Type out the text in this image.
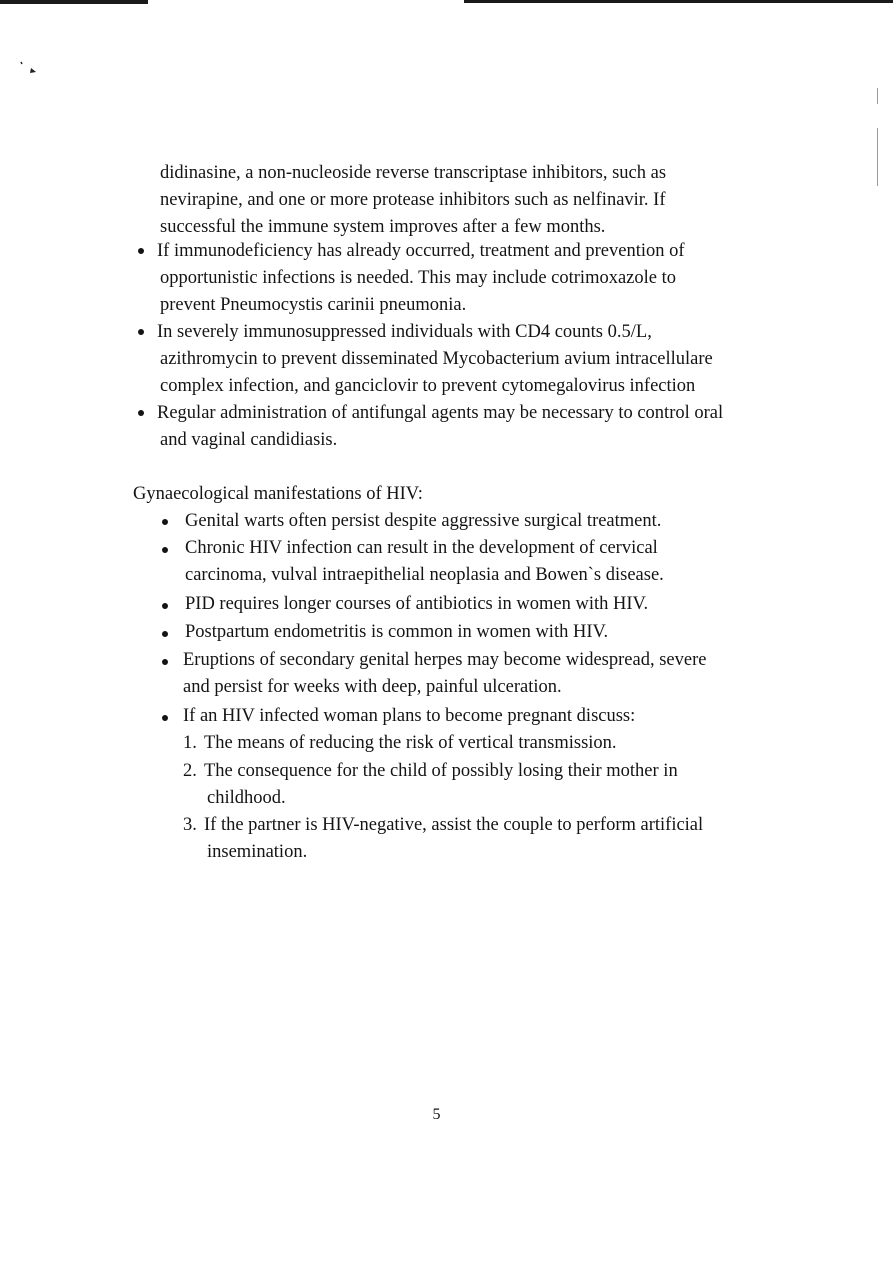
didinasine, a non-nucleoside reverse transcriptase inhibitors, such as
nevirapine, and one or more protease inhibitors such as nelfinavir. If
successful the immune system improves after a few months.
If immunodeficiency has already occurred, treatment and prevention of
opportunistic infections is needed. This may include cotrimoxazole to
prevent Pneumocystis carinii pneumonia.
In severely immunosuppressed individuals with CD4 counts 0.5/L,
azithromycin to prevent disseminated Mycobacterium avium intracellulare
complex infection, and ganciclovir to prevent cytomegalovirus infection
Regular administration of antifungal agents may be necessary to control oral
and vaginal candidiasis.
Gynaecological manifestations of HIV:
Genital warts often persist despite aggressive surgical treatment.
Chronic HIV infection can result in the development of cervical
carcinoma, vulval intraepithelial neoplasia and Bowen`s disease.
PID requires longer courses of antibiotics in women with HIV.
Postpartum endometritis is common in women with HIV.
Eruptions of secondary genital herpes may become widespread, severe
and persist for weeks with deep, painful ulceration.
If an HIV infected woman plans to become pregnant discuss:
1. The means of reducing the risk of vertical transmission.
2. The consequence for the child of possibly losing their mother in
childhood.
3. If the partner is HIV-negative, assist the couple to perform artificial
insemination.
5
